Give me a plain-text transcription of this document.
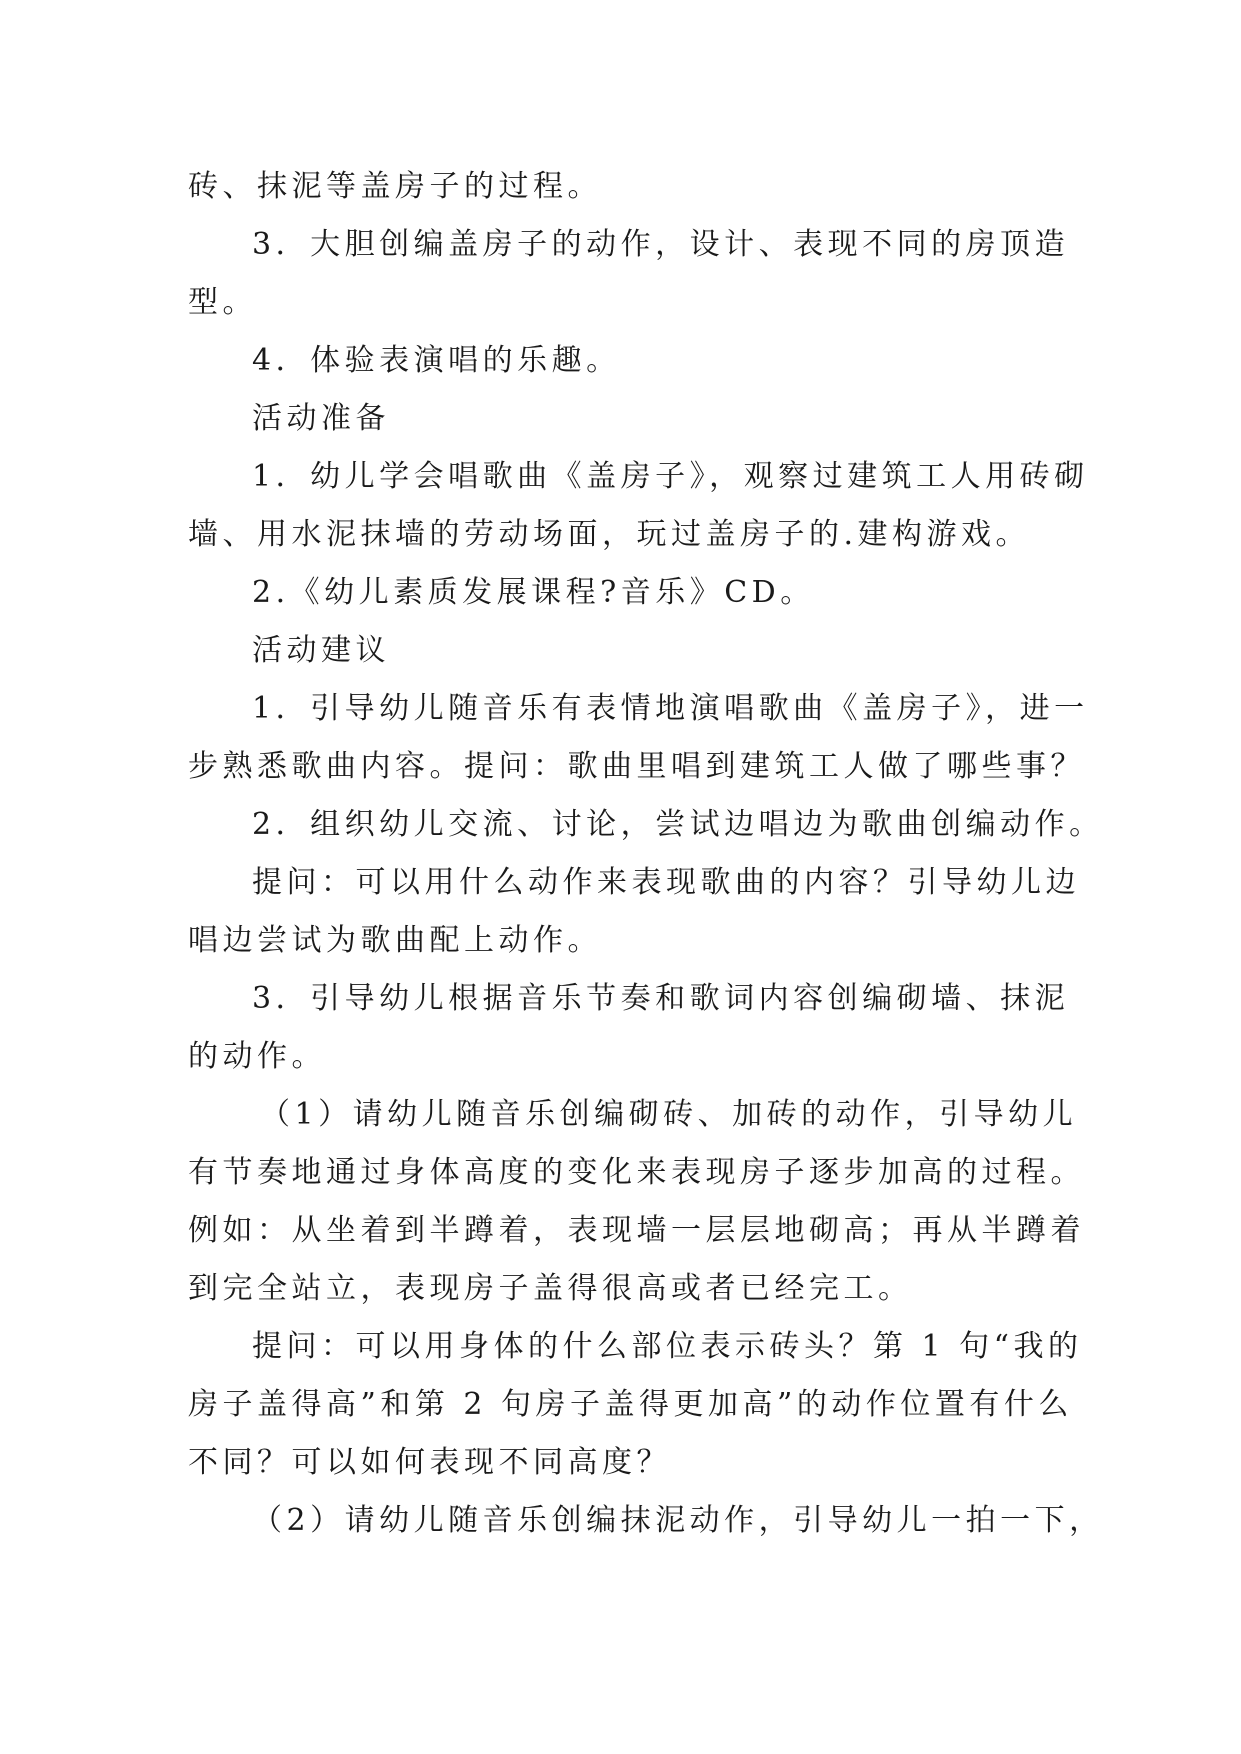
砖、抹泥等盖房子的过程。
3．大胆创编盖房子的动作，设计、表现不同的房顶造
型。
4．体验表演唱的乐趣。
活动准备
1．幼儿学会唱歌曲《盖房子》，观察过建筑工人用砖砌
墙、用水泥抹墙的劳动场面，玩过盖房子的.建构游戏。
2.《幼儿素质发展课程?音乐》CD。
活动建议
1．引导幼儿随音乐有表情地演唱歌曲《盖房子》，进一
步熟悉歌曲内容。提问：歌曲里唱到建筑工人做了哪些事？
2．组织幼儿交流、讨论，尝试边唱边为歌曲创编动作。
提问：可以用什么动作来表现歌曲的内容？引导幼儿边
唱边尝试为歌曲配上动作。
3．引导幼儿根据音乐节奏和歌词内容创编砌墙、抹泥
的动作。
（1）请幼儿随音乐创编砌砖、加砖的动作，引导幼儿
有节奏地通过身体高度的变化来表现房子逐步加高的过程。
例如：从坐着到半蹲着，表现墙一层层地砌高；再从半蹲着
到完全站立，表现房子盖得很高或者已经完工。
提问：可以用身体的什么部位表示砖头？第 1 句“我的
房子盖得高”和第 2 句房子盖得更加高”的动作位置有什么
不同？可以如何表现不同高度？
（2）请幼儿随音乐创编抹泥动作，引导幼儿一拍一下，
